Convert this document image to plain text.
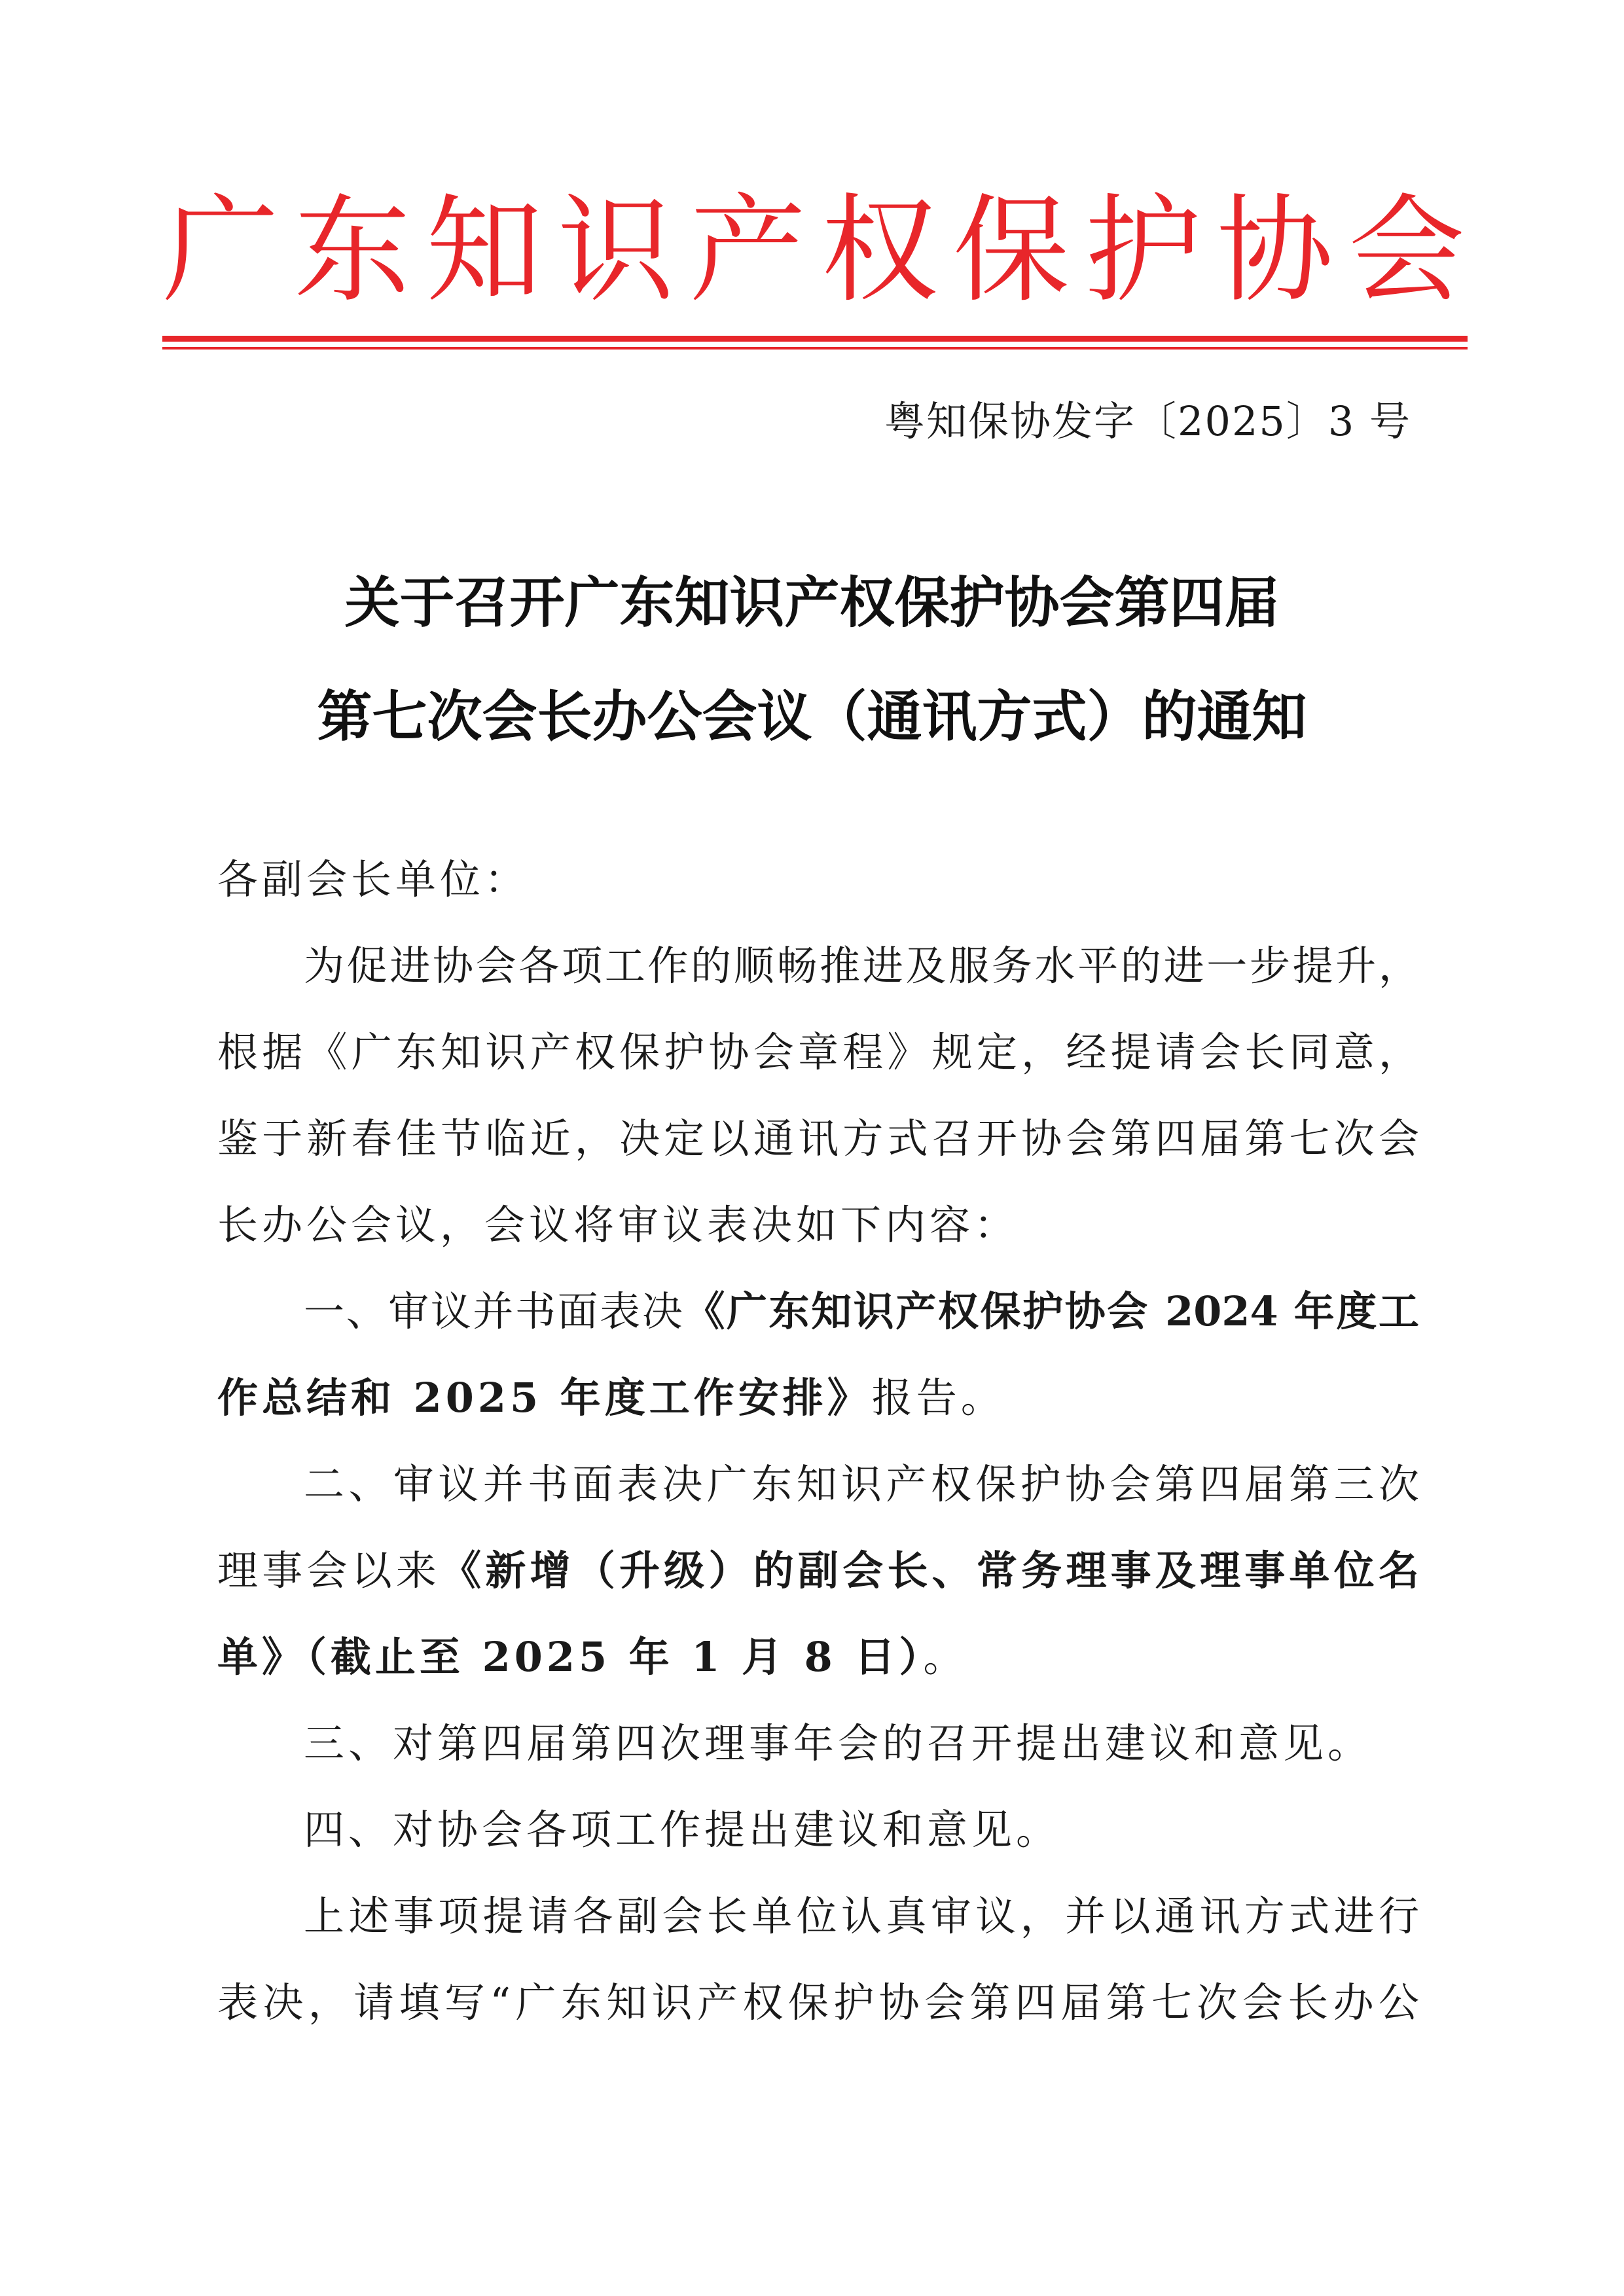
广 东 知 识 产 权 保 护 协 会
粤知保协发字〔2025〕3 号
关于召开广东知识产权保护协会第四届
第七次会长办公会议（通讯方式）的通知
各副会长单位：
为促进协会各项工作的顺畅推进及服务水平的进一步提升，
根据《广东知识产权保护协会章程》规定，经提请会长同意，
鉴于新春佳节临近，决定以通讯方式召开协会第四届第七次会
长办公会议，会议将审议表决如下内容：
一、审议并书面表决《广东知识产权保护协会 2024 年度工
作总结和 2025 年度工作安排》报告。
二、审议并书面表决广东知识产权保护协会第四届第三次
理事会以来《新增（升级）的副会长、常务理事及理事单位名
单》（截止至 2025 年 1 月 8 日）。
三、对第四届第四次理事年会的召开提出建议和意见。
四、对协会各项工作提出建议和意见。
上述事项提请各副会长单位认真审议，并以通讯方式进行
表决，请填写“广东知识产权保护协会第四届第七次会长办公
